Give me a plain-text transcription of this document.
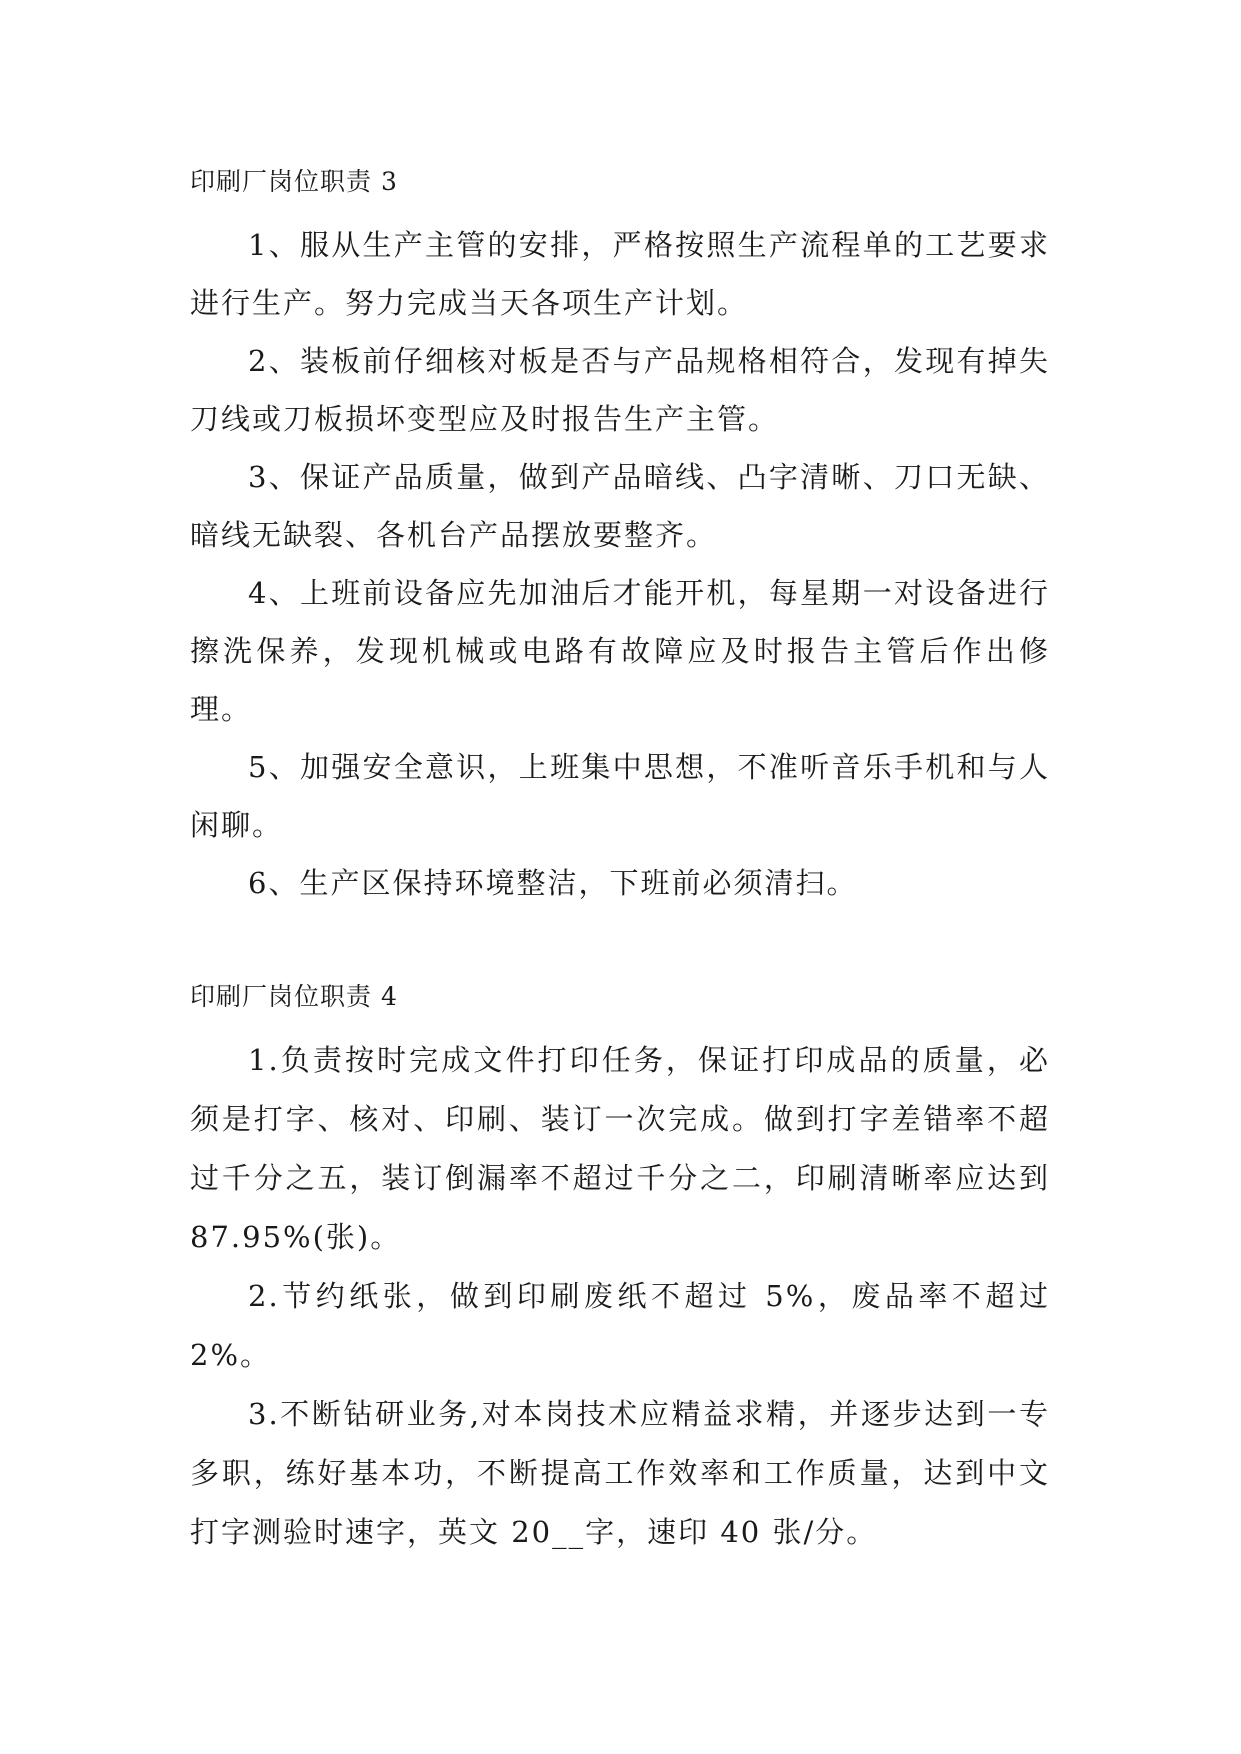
印刷厂岗位职责 3

1、服从生产主管的安排，严格按照生产流程单的工艺要求进行生产。努力完成当天各项生产计划。

2、装板前仔细核对板是否与产品规格相符合，发现有掉失刀线或刀板损坏变型应及时报告生产主管。

3、保证产品质量，做到产品暗线、凸字清晰、刀口无缺、暗线无缺裂、各机台产品摆放要整齐。

4、上班前设备应先加油后才能开机，每星期一对设备进行擦洗保养，发现机械或电路有故障应及时报告主管后作出修理。

5、加强安全意识，上班集中思想，不准听音乐手机和与人闲聊。

6、生产区保持环境整洁，下班前必须清扫。

印刷厂岗位职责 4

1.负责按时完成文件打印任务，保证打印成品的质量，必须是打字、核对、印刷、装订一次完成。做到打字差错率不超过千分之五，装订倒漏率不超过千分之二，印刷清晰率应达到 87.95%(张)。

2.节约纸张，做到印刷废纸不超过 5%，废品率不超过 2%。

3.不断钻研业务,对本岗技术应精益求精，并逐步达到一专多职，练好基本功，不断提高工作效率和工作质量，达到中文打字测验时速字，英文 20__字，速印 40 张/分。
